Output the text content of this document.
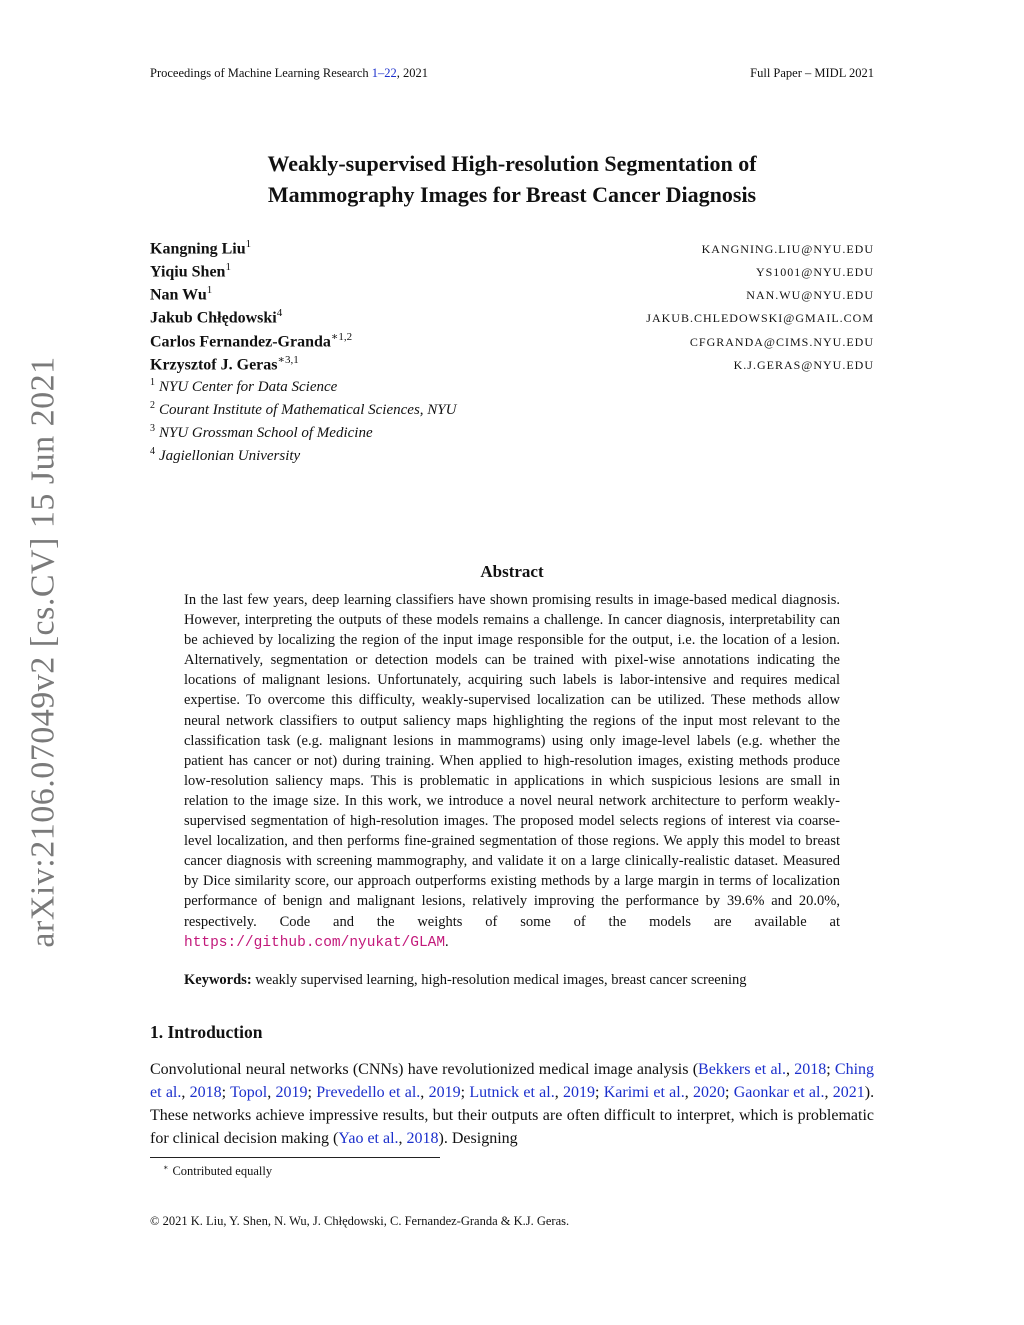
Proceedings of Machine Learning Research 1–22, 2021	Full Paper – MIDL 2021
arXiv:2106.07049v2 [cs.CV] 15 Jun 2021
Weakly-supervised High-resolution Segmentation of
Mammography Images for Breast Cancer Diagnosis
Kangning Liu$^1$	KANGNING.LIU@NYU.EDU
Yiqiu Shen$^1$	YS1001@NYU.EDU
Nan Wu$^1$	NAN.WU@NYU.EDU
Jakub Chłędowski$^4$	JAKUB.CHLEDOWSKI@GMAIL.COM
Carlos Fernandez-Granda$^{∗1,2}$	CFGRANDA@CIMS.NYU.EDU
Krzysztof J. Geras$^{∗3,1}$	K.J.GERAS@NYU.EDU
$^1$ NYU Center for Data Science
$^2$ Courant Institute of Mathematical Sciences, NYU
$^3$ NYU Grossman School of Medicine
$^4$ Jagiellonian University
Abstract
In the last few years, deep learning classifiers have shown promising results in image-based medical diagnosis. However, interpreting the outputs of these models remains a challenge. In cancer diagnosis, interpretability can be achieved by localizing the region of the input image responsible for the output, i.e. the location of a lesion. Alternatively, segmentation or detection models can be trained with pixel-wise annotations indicating the locations of malignant lesions. Unfortunately, acquiring such labels is labor-intensive and requires medical expertise. To overcome this difficulty, weakly-supervised localization can be utilized. These methods allow neural network classifiers to output saliency maps highlighting the regions of the input most relevant to the classification task (e.g. malignant lesions in mammograms) using only image-level labels (e.g. whether the patient has cancer or not) during training. When applied to high-resolution images, existing methods produce low-resolution saliency maps. This is problematic in applications in which suspicious lesions are small in relation to the image size. In this work, we introduce a novel neural network architecture to perform weakly-supervised segmentation of high-resolution images. The proposed model selects regions of interest via coarse-level localization, and then performs fine-grained segmentation of those regions. We apply this model to breast cancer diagnosis with screening mammography, and validate it on a large clinically-realistic dataset. Measured by Dice similarity score, our approach outperforms existing methods by a large margin in terms of localization performance of benign and malignant lesions, relatively improving the performance by 39.6% and 20.0%, respectively. Code and the weights of some of the models are available at https://github.com/nyukat/GLAM.
Keywords: weakly supervised learning, high-resolution medical images, breast cancer screening
1. Introduction
Convolutional neural networks (CNNs) have revolutionized medical image analysis (Bekkers et al., 2018; Ching et al., 2018; Topol, 2019; Prevedello et al., 2019; Lutnick et al., 2019; Karimi et al., 2020; Gaonkar et al., 2021). These networks achieve impressive results, but their outputs are often difficult to interpret, which is problematic for clinical decision making (Yao et al., 2018). Designing
∗ Contributed equally
© 2021 K. Liu, Y. Shen, N. Wu, J. Chłędowski, C. Fernandez-Granda & K.J. Geras.
